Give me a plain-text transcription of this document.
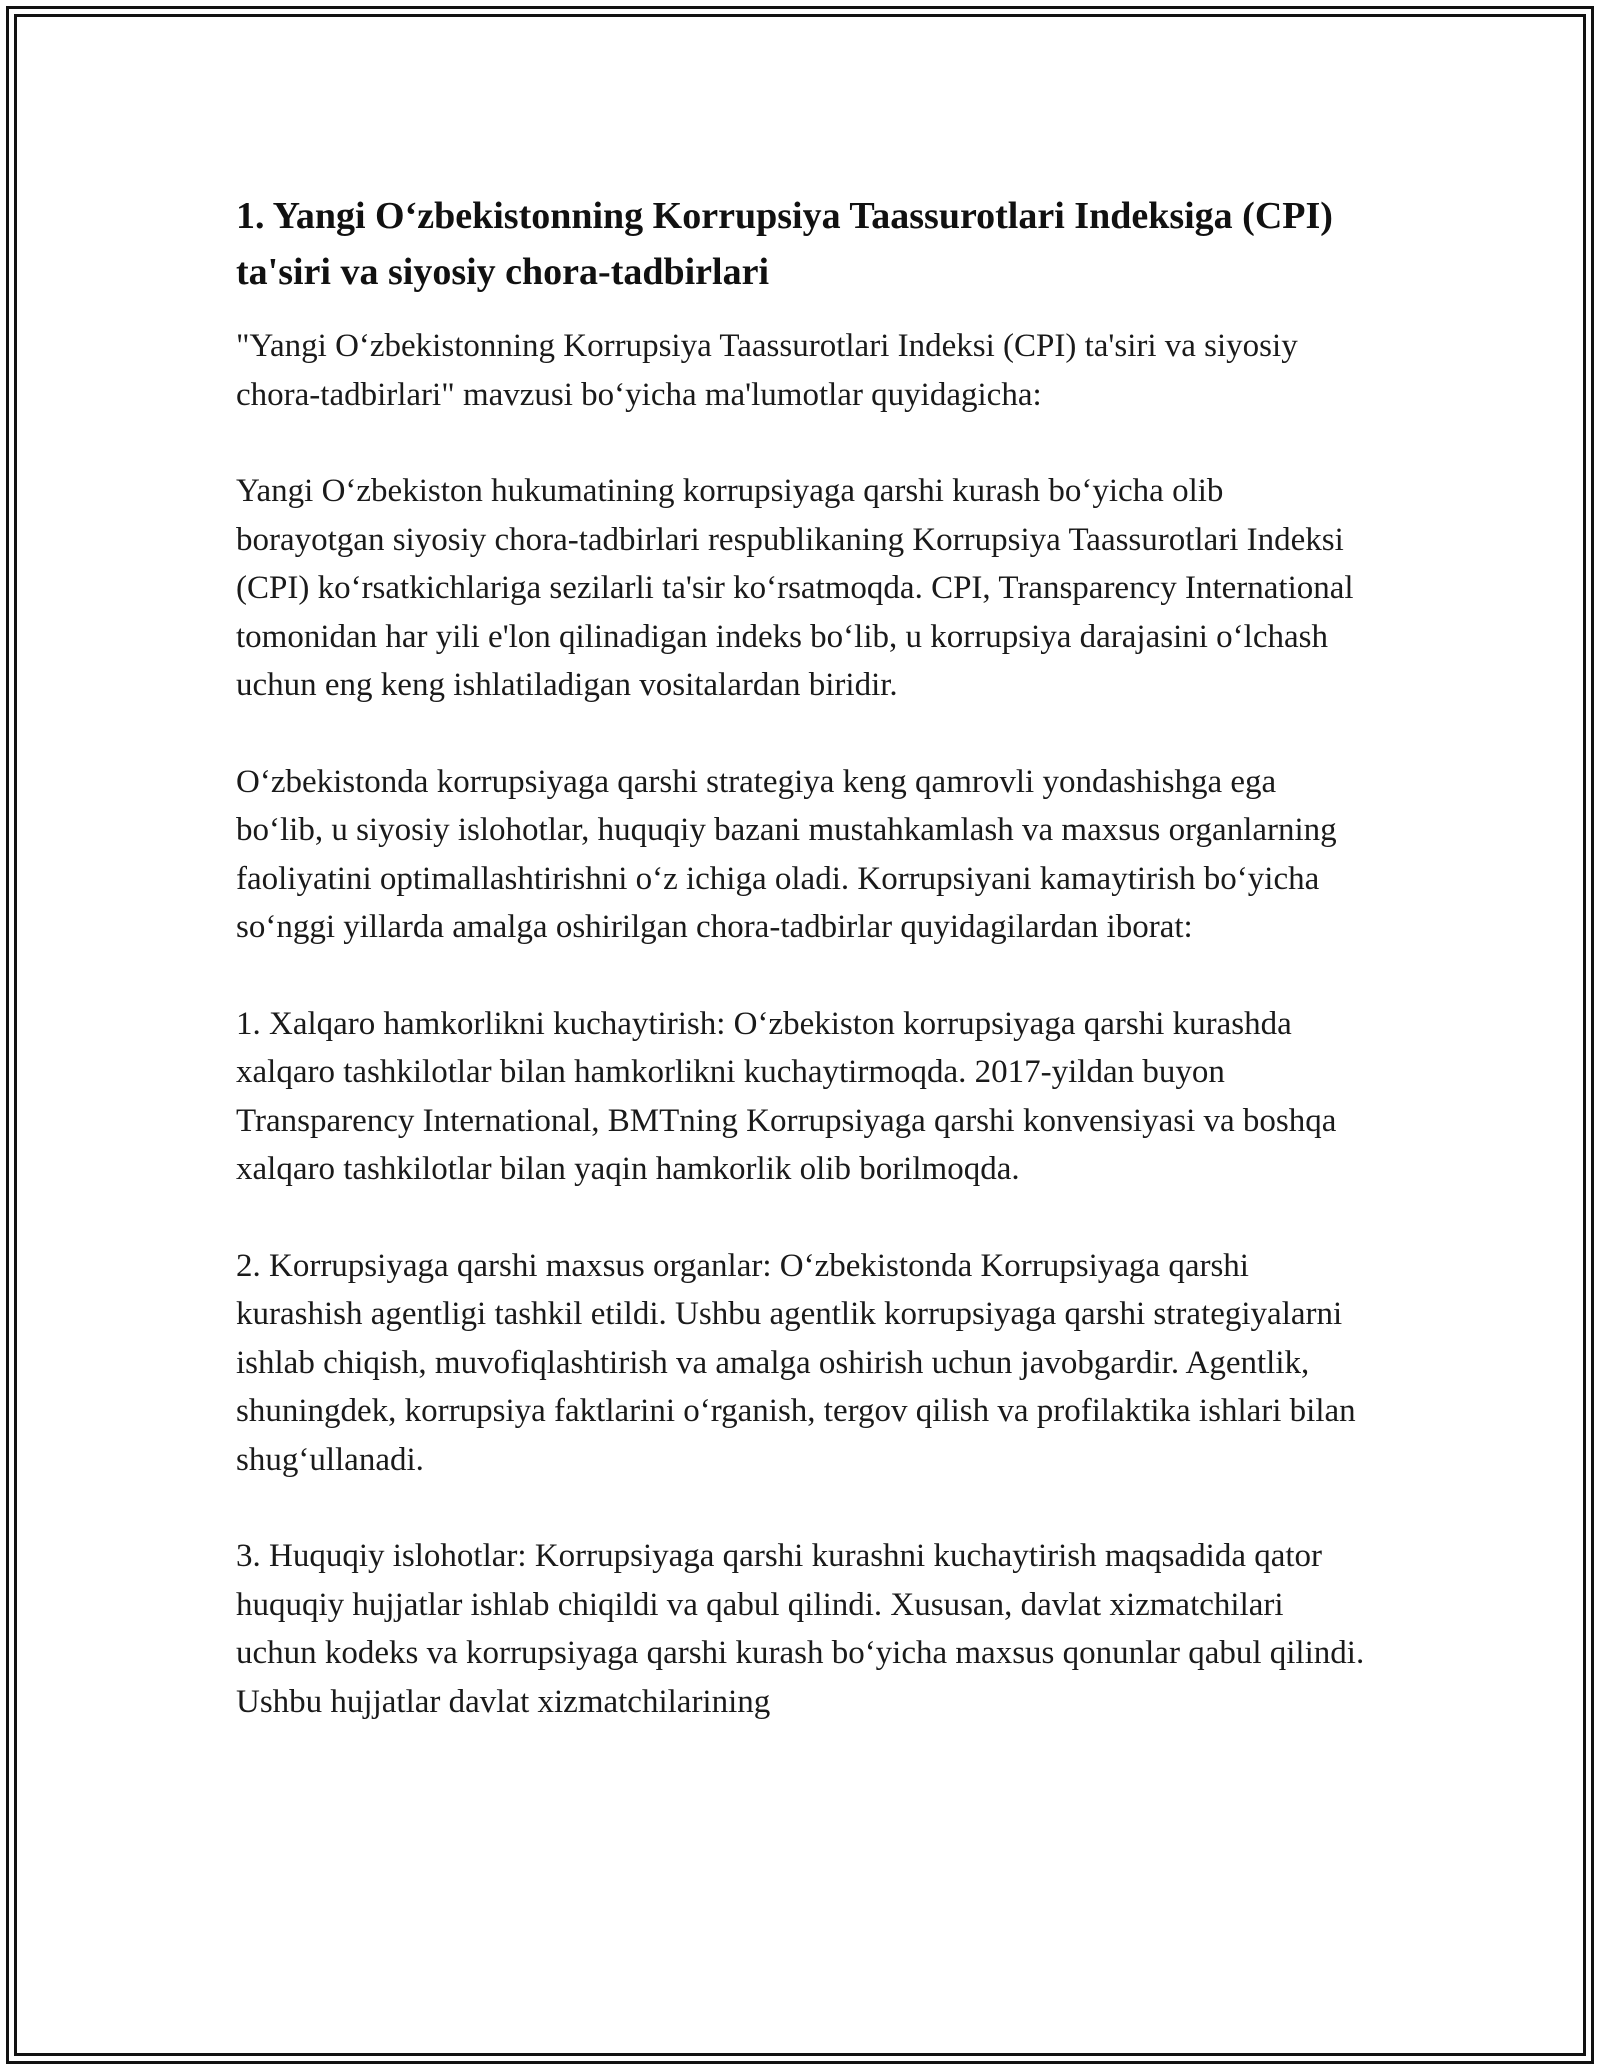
1. Yangi O‘zbekistonning Korrupsiya Taassurotlari Indeksiga (CPI) ta'siri va siyosiy chora-tadbirlari

"Yangi O‘zbekistonning Korrupsiya Taassurotlari Indeksi (CPI) ta'siri va siyosiy chora-tadbirlari" mavzusi bo‘yicha ma'lumotlar quyidagicha:

Yangi O‘zbekiston hukumatining korrupsiyaga qarshi kurash bo‘yicha olib borayotgan siyosiy chora-tadbirlari respublikaning Korrupsiya Taassurotlari Indeksi (CPI) ko‘rsatkichlariga sezilarli ta'sir ko‘rsatmoqda. CPI, Transparency International tomonidan har yili e'lon qilinadigan indeks bo‘lib, u korrupsiya darajasini o‘lchash uchun eng keng ishlatiladigan vositalardan biridir.

O‘zbekistonda korrupsiyaga qarshi strategiya keng qamrovli yondashishga ega bo‘lib, u siyosiy islohotlar, huquqiy bazani mustahkamlash va maxsus organlarning faoliyatini optimallashtirishni o‘z ichiga oladi. Korrupsiyani kamaytirish bo‘yicha so‘nggi yillarda amalga oshirilgan chora-tadbirlar quyidagilardan iborat:

1. Xalqaro hamkorlikni kuchaytirish: O‘zbekiston korrupsiyaga qarshi kurashda xalqaro tashkilotlar bilan hamkorlikni kuchaytirmoqda. 2017-yildan buyon Transparency International, BMTning Korrupsiyaga qarshi konvensiyasi va boshqa xalqaro tashkilotlar bilan yaqin hamkorlik olib borilmoqda.

2. Korrupsiyaga qarshi maxsus organlar: O‘zbekistonda Korrupsiyaga qarshi kurashish agentligi tashkil etildi. Ushbu agentlik korrupsiyaga qarshi strategiyalarni ishlab chiqish, muvofiqlashtirish va amalga oshirish uchun javobgardir. Agentlik, shuningdek, korrupsiya faktlarini o‘rganish, tergov qilish va profilaktika ishlari bilan shug‘ullanadi.

3. Huquqiy islohotlar: Korrupsiyaga qarshi kurashni kuchaytirish maqsadida qator huquqiy hujjatlar ishlab chiqildi va qabul qilindi. Xususan, davlat xizmatchilari uchun kodeks va korrupsiyaga qarshi kurash bo‘yicha maxsus qonunlar qabul qilindi. Ushbu hujjatlar davlat xizmatchilarining
